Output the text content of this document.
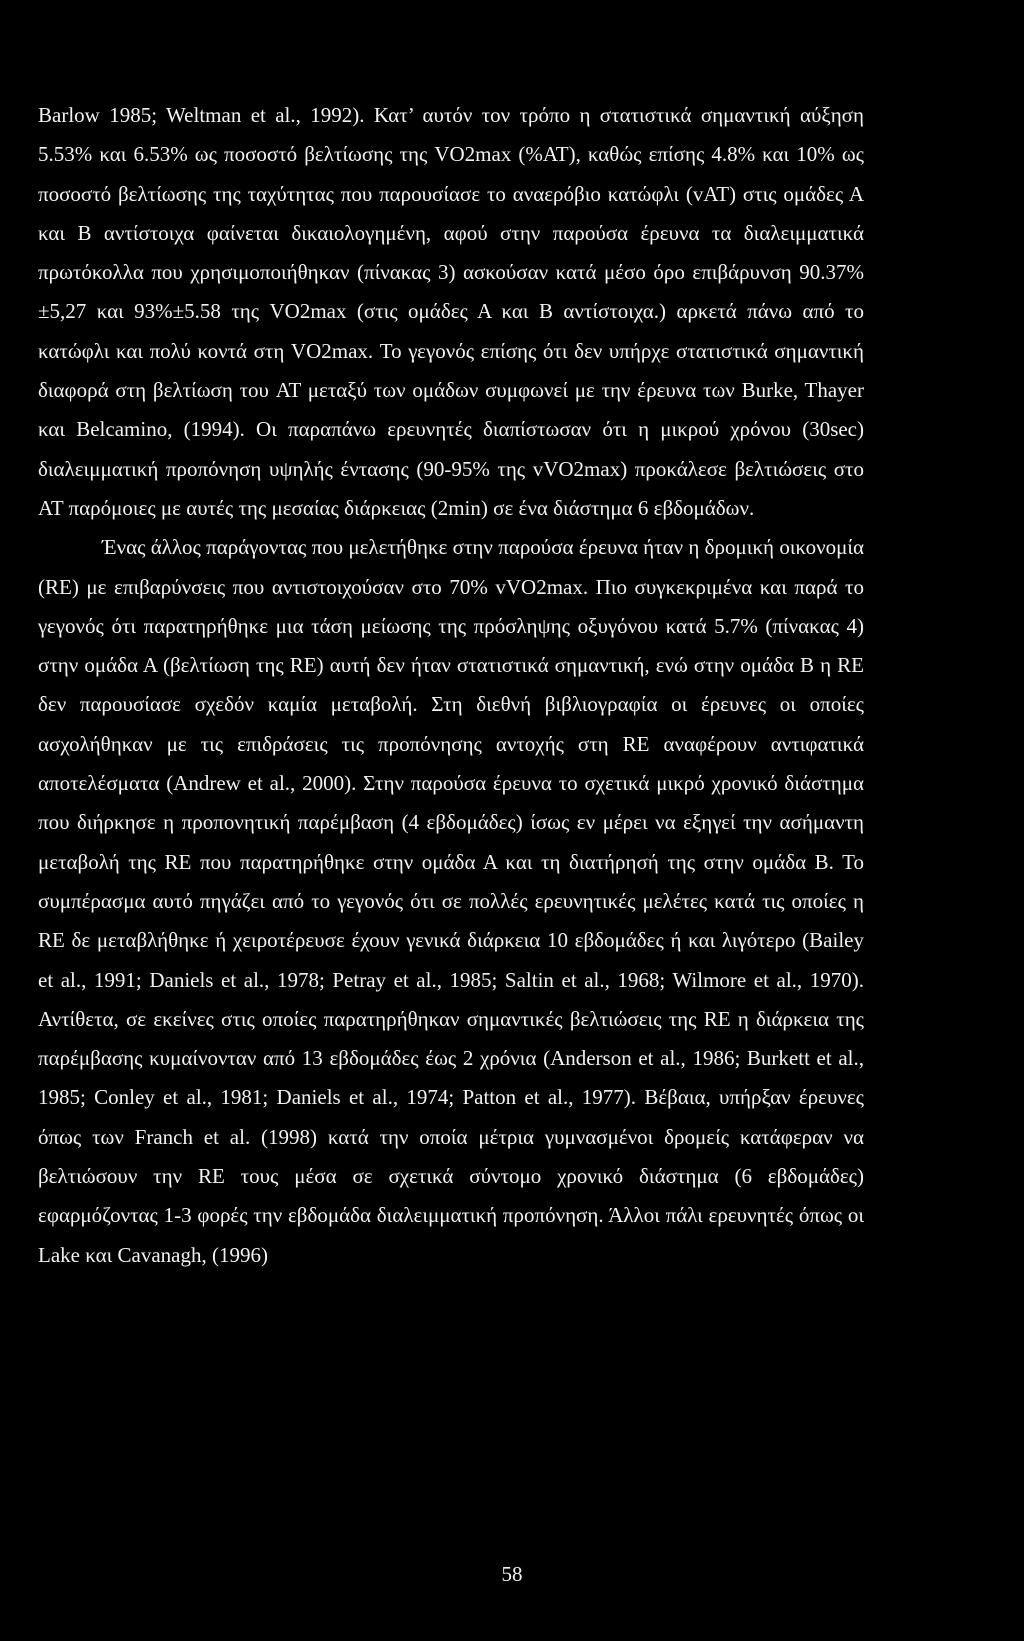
Barlow 1985; Weltman et al., 1992). Κατ’ αυτόν τον τρόπο η στατιστικά σημαντική αύξηση 5.53% και 6.53% ως ποσοστό βελτίωσης της VO2max (%AT), καθώς επίσης 4.8% και 10% ως ποσοστό βελτίωσης της ταχύτητας που παρουσίασε το αναερόβιο κατώφλι (vAT) στις ομάδες Α και Β αντίστοιχα φαίνεται δικαιολογημένη, αφού στην παρούσα έρευνα τα διαλειμματικά πρωτόκολλα που χρησιμοποιήθηκαν (πίνακας 3) ασκούσαν κατά μέσο όρο επιβάρυνση 90.37%±5,27 και 93%±5.58 της VO2max (στις ομάδες Α και Β αντίστοιχα.) αρκετά πάνω από το κατώφλι και πολύ κοντά στη VO2max. Το γεγονός επίσης ότι δεν υπήρχε στατιστικά σημαντική διαφορά στη βελτίωση του AT μεταξύ των ομάδων συμφωνεί με την έρευνα των Burke, Thayer και Belcamino, (1994). Οι παραπάνω ερευνητές διαπίστωσαν ότι η μικρού χρόνου (30sec) διαλειμματική προπόνηση υψηλής έντασης (90-95% της vVO2max) προκάλεσε βελτιώσεις στο AT παρόμοιες με αυτές της μεσαίας διάρκειας (2min) σε ένα διάστημα 6 εβδομάδων.

Ένας άλλος παράγοντας που μελετήθηκε στην παρούσα έρευνα ήταν η δρομική οικονομία (RE) με επιβαρύνσεις που αντιστοιχούσαν στο 70% vVO2max. Πιο συγκεκριμένα και παρά το γεγονός ότι παρατηρήθηκε μια τάση μείωσης της πρόσληψης οξυγόνου κατά 5.7% (πίνακας 4) στην ομάδα Α (βελτίωση της RE) αυτή δεν ήταν στατιστικά σημαντική, ενώ στην ομάδα Β η RE δεν παρουσίασε σχεδόν καμία μεταβολή. Στη διεθνή βιβλιογραφία οι έρευνες οι οποίες ασχολήθηκαν με τις επιδράσεις τις προπόνησης αντοχής στη RE αναφέρουν αντιφατικά αποτελέσματα (Andrew et al., 2000). Στην παρούσα έρευνα το σχετικά μικρό χρονικό διάστημα που διήρκησε η προπονητική παρέμβαση (4 εβδομάδες) ίσως εν μέρει να εξηγεί την ασήμαντη μεταβολή της RE που παρατηρήθηκε στην ομάδα Α και τη διατήρησή της στην ομάδα Β. Το συμπέρασμα αυτό πηγάζει από το γεγονός ότι σε πολλές ερευνητικές μελέτες κατά τις οποίες η RE δε μεταβλήθηκε ή χειροτέρευσε έχουν γενικά διάρκεια 10 εβδομάδες ή και λιγότερο (Bailey et al., 1991; Daniels et al., 1978; Petray et al., 1985; Saltin et al., 1968; Wilmore et al., 1970). Αντίθετα, σε εκείνες στις οποίες παρατηρήθηκαν σημαντικές βελτιώσεις της RE η διάρκεια της παρέμβασης κυμαίνονταν από 13 εβδομάδες έως 2 χρόνια (Anderson et al., 1986; Burkett et al., 1985; Conley et al., 1981; Daniels et al., 1974; Patton et al., 1977). Βέβαια, υπήρξαν έρευνες όπως των Franch et al. (1998) κατά την οποία μέτρια γυμνασμένοι δρομείς κατάφεραν να βελτιώσουν την RE τους μέσα σε σχετικά σύντομο χρονικό διάστημα (6 εβδομάδες) εφαρμόζοντας 1-3 φορές την εβδομάδα διαλειμματική προπόνηση. Άλλοι πάλι ερευνητές όπως οι Lake και Cavanagh, (1996)

58
